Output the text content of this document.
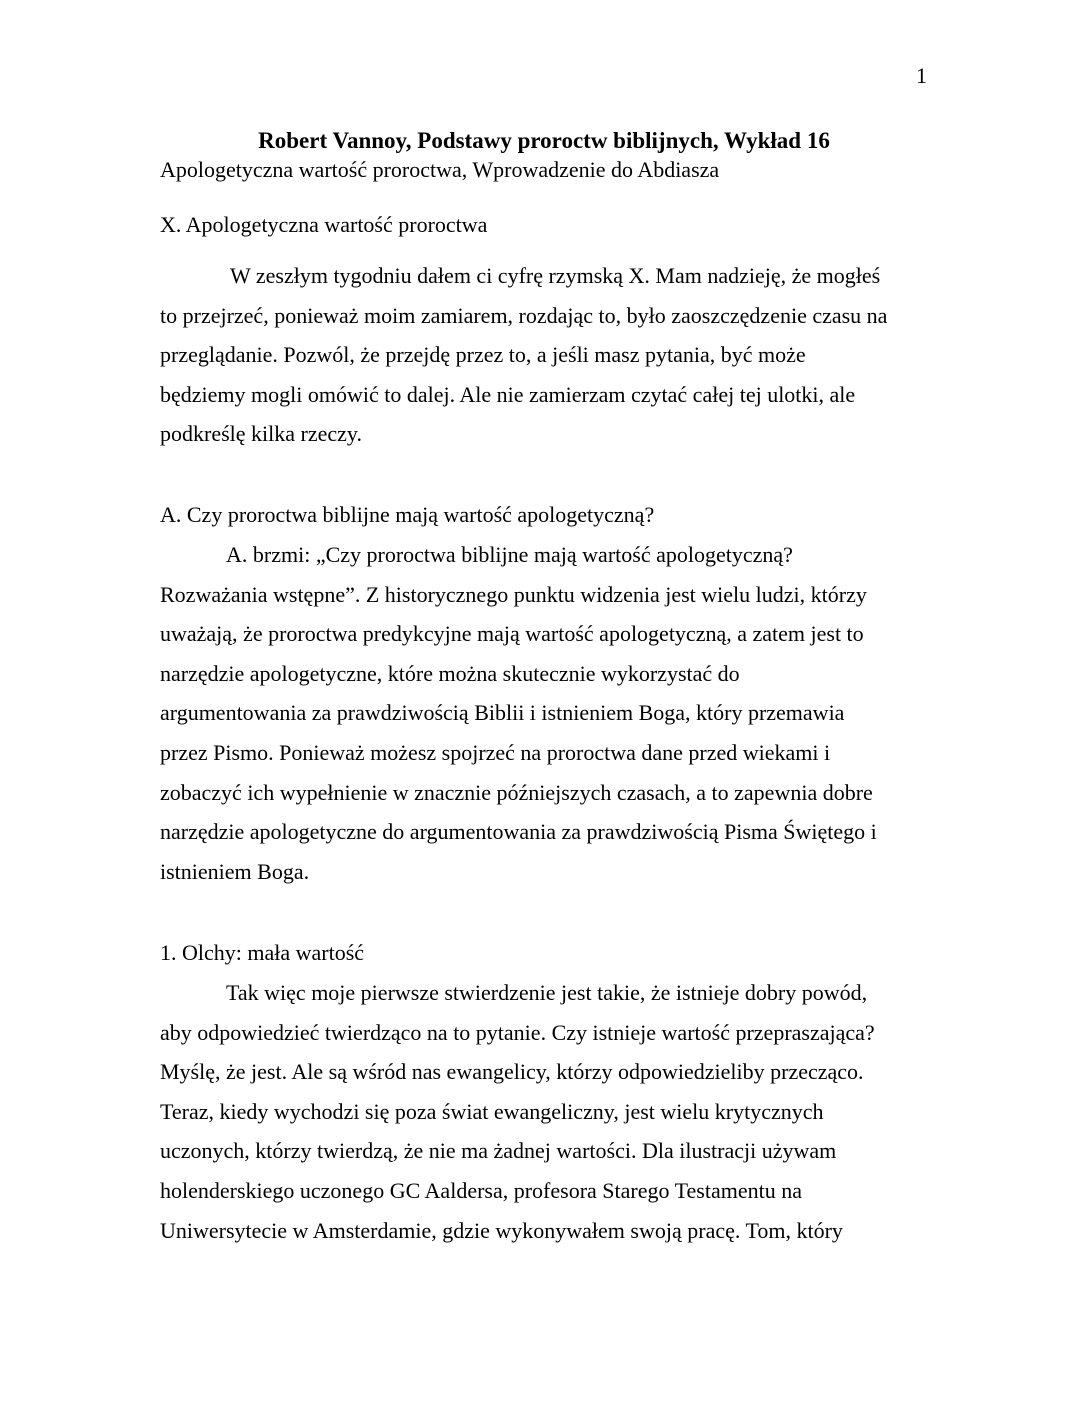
1
Robert Vannoy, Podstawy proroctw biblijnych, Wykład 16
Apologetyczna wartość proroctwa, Wprowadzenie do Abdiasza
X. Apologetyczna wartość proroctwa
W zeszłym tygodniu dałem ci cyfrę rzymską X. Mam nadzieję, że mogłeś
to przejrzeć, ponieważ moim zamiarem, rozdając to, było zaoszczędzenie czasu na
przeglądanie. Pozwól, że przejdę przez to, a jeśli masz pytania, być może
będziemy mogli omówić to dalej. Ale nie zamierzam czytać całej tej ulotki, ale
podkreślę kilka rzeczy.
A. Czy proroctwa biblijne mają wartość apologetyczną?
A. brzmi: „Czy proroctwa biblijne mają wartość apologetyczną?
Rozważania wstępne”. Z historycznego punktu widzenia jest wielu ludzi, którzy
uważają, że proroctwa predykcyjne mają wartość apologetyczną, a zatem jest to
narzędzie apologetyczne, które można skutecznie wykorzystać do
argumentowania za prawdziwością Biblii i istnieniem Boga, który przemawia
przez Pismo. Ponieważ możesz spojrzeć na proroctwa dane przed wiekami i
zobaczyć ich wypełnienie w znacznie późniejszych czasach, a to zapewnia dobre
narzędzie apologetyczne do argumentowania za prawdziwością Pisma Świętego i
istnieniem Boga.
1. Olchy: mała wartość
Tak więc moje pierwsze stwierdzenie jest takie, że istnieje dobry powód,
aby odpowiedzieć twierdząco na to pytanie. Czy istnieje wartość przepraszająca?
Myślę, że jest. Ale są wśród nas ewangelicy, którzy odpowiedzieliby przecząco.
Teraz, kiedy wychodzi się poza świat ewangeliczny, jest wielu krytycznych
uczonych, którzy twierdzą, że nie ma żadnej wartości. Dla ilustracji używam
holenderskiego uczonego GC Aaldersa, profesora Starego Testamentu na
Uniwersytecie w Amsterdamie, gdzie wykonywałem swoją pracę. Tom, który
